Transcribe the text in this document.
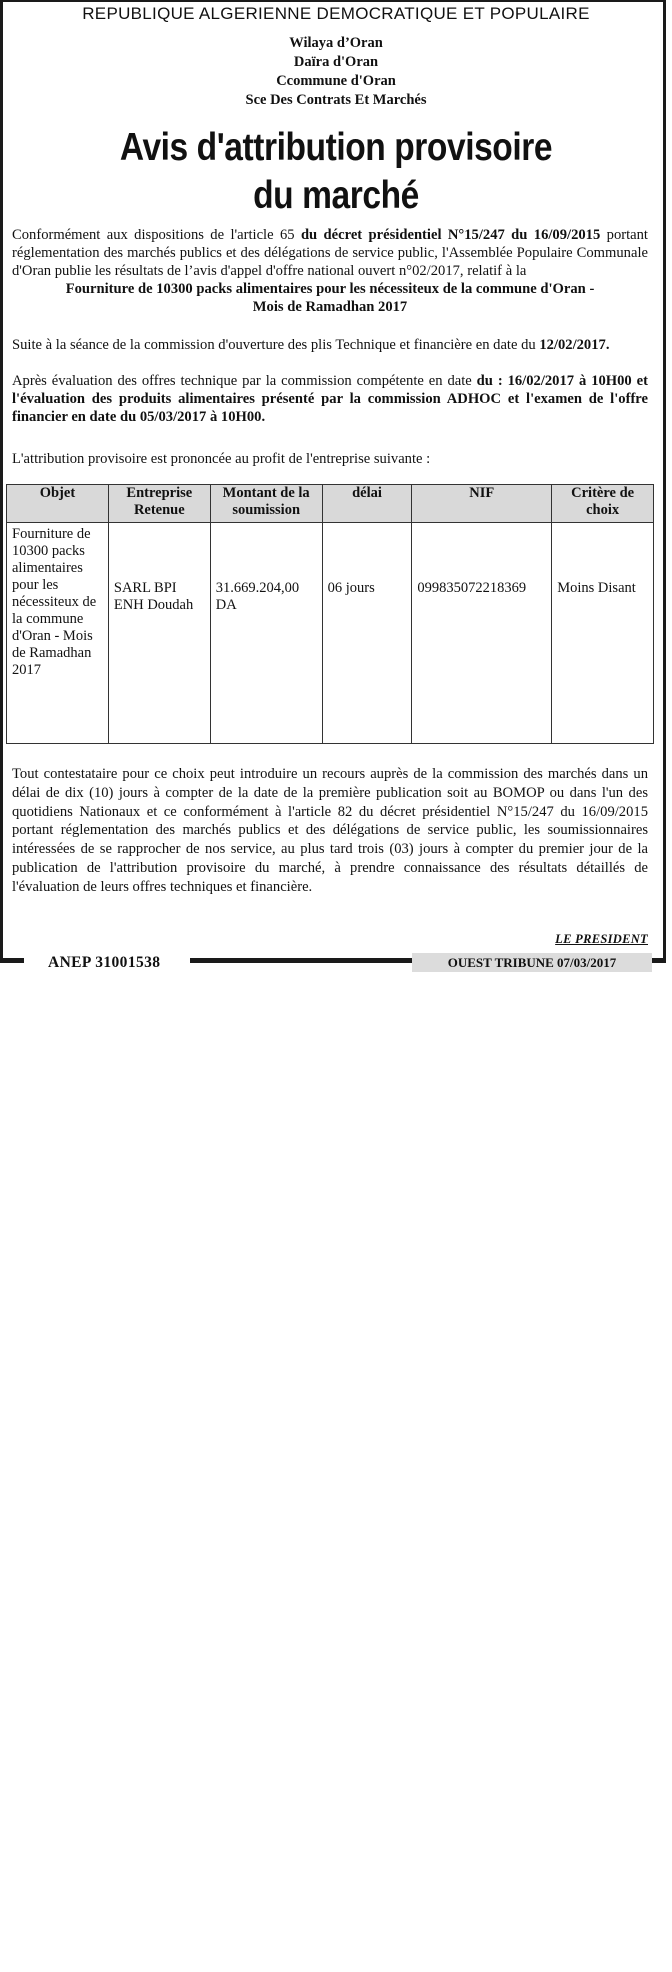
REPUBLIQUE ALGERIENNE DEMOCRATIQUE ET POPULAIRE
Wilaya d’Oran
Daïra d'Oran
Ccommune d'Oran
Sce Des Contrats Et Marchés
Avis d'attribution provisoire
du marché
Conformément aux dispositions de l'article 65 du décret présidentiel N°15/247 du 16/09/2015 portant réglementation des marchés publics et des délégations de service public, l'Assemblée Populaire Communale d'Oran publie les résultats de l’avis d'appel d'offre national ouvert n°02/2017, relatif à la
Fourniture de 10300 packs alimentaires pour les nécessiteux de la commune d'Oran -
Mois de Ramadhan 2017
Suite à la séance de la commission d'ouverture des plis Technique et financière en date du 12/02/2017.
Après évaluation des offres technique par la commission compétente en date du : 16/02/2017 à 10H00 et l'évaluation des produits alimentaires présenté par la commission ADHOC et l'examen de l'offre financier en date du 05/03/2017 à 10H00.
L'attribution provisoire est prononcée au profit de l'entreprise suivante :
Objet	Entreprise Retenue	Montant de la soumission	délai	NIF	Critère de choix
Fourniture de 10300 packs alimentaires pour les nécessiteux de la commune d'Oran - Mois de Ramadhan 2017	SARL BPI ENH Doudah	31.669.204,00 DA	06 jours	099835072218369	Moins Disant
Tout contestataire pour ce choix peut introduire un recours auprès de la commission des marchés dans un délai de dix (10) jours à compter de la date de la première publication soit au BOMOP ou dans l'un des quotidiens Nationaux et ce conformément à l'article 82 du décret présidentiel N°15/247 du 16/09/2015 portant réglementation des marchés publics et des délégations de service public, les soumissionnaires intéressées de se rapprocher de nos service, au plus tard trois (03) jours à compter du premier jour de la publication de l'attribution provisoire du marché, à prendre connaissance des résultats détaillés de l'évaluation de leurs offres techniques et financière.
LE PRESIDENT
ANEP 31001538	OUEST TRIBUNE 07/03/2017
